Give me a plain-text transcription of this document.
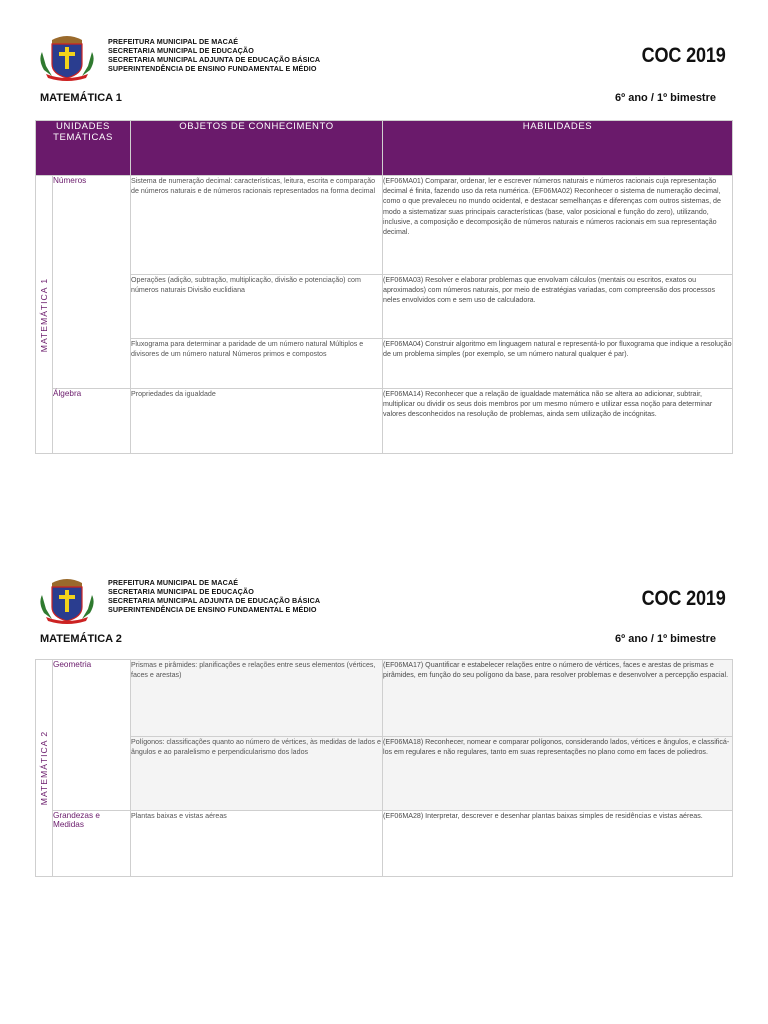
PREFEITURA MUNICIPAL DE MACAÉ
SECRETARIA MUNICIPAL DE EDUCAÇÃO
SECRETARIA MUNICIPAL ADJUNTA DE EDUCAÇÃO BÁSICA
SUPERINTENDÊNCIA DE ENSINO FUNDAMENTAL E MÉDIO
COC 2019
MATEMÁTICA 1	6º ano / 1º bimestre
UNIDADES TEMÁTICAS		OBJETOS DE CONHECIMENTO	HABILIDADES

MATEMÁTICA 1	Números	Sistema de numeração decimal: características, leitura, escrita e comparação de números naturais e de números racionais representados na forma decimal	(EF06MA01) Comparar, ordenar, ler e escrever números naturais e números racionais cuja representação decimal é finita, fazendo uso da reta numérica. (EF06MA02) Reconhecer o sistema de numeração decimal, como o que prevaleceu no mundo ocidental, e destacar semelhanças e diferenças com outros sistemas, de modo a sistematizar suas principais características (base, valor posicional e função do zero), utilizando, inclusive, a composição e decomposição de números naturais e números racionais em sua representação decimal.
		Operações (adição, subtração, multiplicação, divisão e potenciação) com números naturais Divisão euclidiana	(EF06MA03) Resolver e elaborar problemas que envolvam cálculos (mentais ou escritos, exatos ou aproximados) com números naturais, por meio de estratégias variadas, com compreensão dos processos neles envolvidos com e sem uso de calculadora.
		Fluxograma para determinar a paridade de um número natural Múltiplos e divisores de um número natural Números primos e compostos	(EF06MA04) Construir algoritmo em linguagem natural e representá-lo por fluxograma que indique a resolução de um problema simples (por exemplo, se um número natural qualquer é par).
	Álgebra	Propriedades da igualdade	(EF06MA14) Reconhecer que a relação de igualdade matemática não se altera ao adicionar, subtrair, multiplicar ou dividir os seus dois membros por um mesmo número e utilizar essa noção para determinar valores desconhecidos na resolução de problemas, ainda sem utilização de incógnitas.
PREFEITURA MUNICIPAL DE MACAÉ
SECRETARIA MUNICIPAL DE EDUCAÇÃO
SECRETARIA MUNICIPAL ADJUNTA DE EDUCAÇÃO BÁSICA
SUPERINTENDÊNCIA DE ENSINO FUNDAMENTAL E MÉDIO	COC 2019
MATEMÁTICA 2	6º ano / 1º bimestre
MATEMÁTICA 2	Geometria	Prismas e pirâmides: planificações e relações entre seus elementos (vértices, faces e arestas)	(EF06MA17) Quantificar e estabelecer relações entre o número de vértices, faces e arestas de prismas e pirâmides, em função do seu polígono da base, para resolver problemas e desenvolver a percepção espacial.
		Polígonos: classificações quanto ao número de vértices, às medidas de lados e ângulos e ao paralelismo e perpendicularismo dos lados	(EF06MA18) Reconhecer, nomear e comparar polígonos, considerando lados, vértices e ângulos, e classificá-los em regulares e não regulares, tanto em suas representações no plano como em faces de poliedros.
	Grandezas e Medidas	Plantas baixas e vistas aéreas	(EF06MA28) Interpretar, descrever e desenhar plantas baixas simples de residências e vistas aéreas.
